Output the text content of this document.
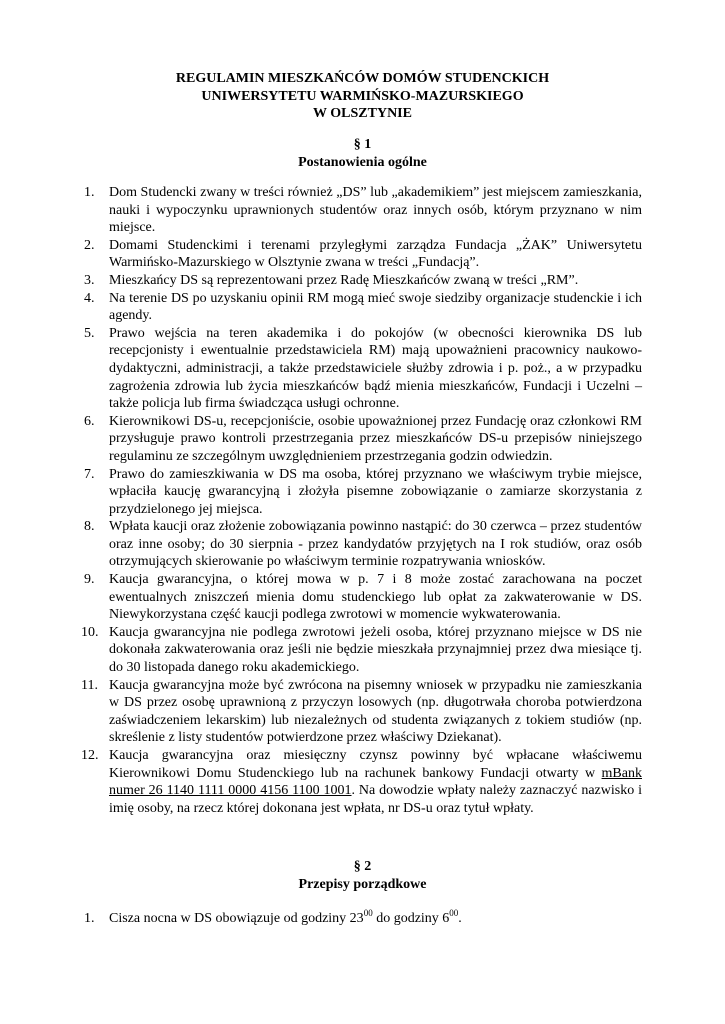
REGULAMIN MIESZKAŃCÓW DOMÓW STUDENCKICH
UNIWERSYTETU WARMIŃSKO-MAZURSKIEGO
W OLSZTYNIE
§ 1
Postanowienia ogólne
1. Dom Studencki zwany w treści również „DS” lub „akademikiem” jest miejscem zamieszkania, nauki i wypoczynku uprawnionych studentów oraz innych osób, którym przyznano w nim miejsce.
2. Domami Studenckimi i terenami przyległymi zarządza Fundacja „ŻAK” Uniwersytetu Warmińsko-Mazurskiego w Olsztynie zwana w treści „Fundacją”.
3. Mieszkańcy DS są reprezentowani przez Radę Mieszkańców zwaną w treści „RM”.
4. Na terenie DS po uzyskaniu opinii RM mogą mieć swoje siedziby organizacje studenckie i ich agendy.
5. Prawo wejścia na teren akademika i do pokojów (w obecności kierownika DS lub recepcjonisty i ewentualnie przedstawiciela RM) mają upoważnieni pracownicy naukowo-dydaktyczni, administracji, a także przedstawiciele służby zdrowia i p. poż., a w przypadku zagrożenia zdrowia lub życia mieszkańców bądź mienia mieszkańców, Fundacji i Uczelni – także policja lub firma świadcząca usługi ochronne.
6. Kierownikowi DS-u, recepcjoniście, osobie upoważnionej przez Fundację oraz członkowi RM przysługuje prawo kontroli przestrzegania przez mieszkańców DS-u przepisów niniejszego regulaminu ze szczególnym uwzględnieniem przestrzegania godzin odwiedzin.
7. Prawo do zamieszkiwania w DS ma osoba, której przyznano we właściwym trybie miejsce, wpłaciła kaucję gwarancyjną i złożyła pisemne zobowiązanie o zamiarze skorzystania z przydzielonego jej miejsca.
8. Wpłata kaucji oraz złożenie zobowiązania powinno nastąpić: do 30 czerwca – przez studentów oraz inne osoby; do 30 sierpnia - przez kandydatów przyjętych na I rok studiów, oraz osób otrzymujących skierowanie po właściwym terminie rozpatrywania wniosków.
9. Kaucja gwarancyjna, o której mowa w p. 7 i 8 może zostać zarachowana na poczet ewentualnych zniszczeń mienia domu studenckiego lub opłat za zakwaterowanie w DS. Niewykorzystana część kaucji podlega zwrotowi w momencie wykwaterowania.
10. Kaucja gwarancyjna nie podlega zwrotowi jeżeli osoba, której przyznano miejsce w DS nie dokonała zakwaterowania oraz jeśli nie będzie mieszkała przynajmniej przez dwa miesiące tj. do 30 listopada danego roku akademickiego.
11. Kaucja gwarancyjna może być zwrócona na pisemny wniosek w przypadku nie zamieszkania w DS przez osobę uprawnioną z przyczyn losowych (np. długotrwała choroba potwierdzona zaświadczeniem lekarskim) lub niezależnych od studenta związanych z tokiem studiów (np. skreślenie z listy studentów potwierdzone przez właściwy Dziekanat).
12. Kaucja gwarancyjna oraz miesięczny czynsz powinny być wpłacane właściwemu Kierownikowi Domu Studenckiego lub na rachunek bankowy Fundacji otwarty w mBank numer 26 1140 1111 0000 4156 1100 1001. Na dowodzie wpłaty należy zaznaczyć nazwisko i imię osoby, na rzecz której dokonana jest wpłata, nr DS-u oraz tytuł wpłaty.
§ 2
Przepisy porządkowe
1. Cisza nocna w DS obowiązuje od godziny $23^{00}$ do godziny $6^{00}$.
